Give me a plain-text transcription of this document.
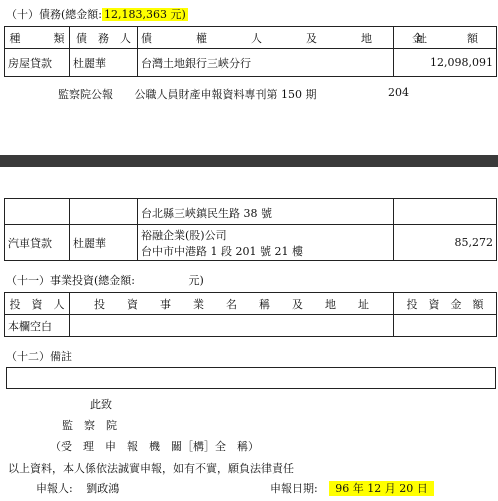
（十）債務(總金額: 12,183,363 元)
種　　　類	債　務　人	債　　　　權　　　　人　　　　及　　　　地　　　　址	金　　　　額

房屋貸款	杜麗華	台灣土地銀行三峽分行	12,098,091
監察院公報 公職人員財產申報資料專刊第 150 期	204
		台北縣三峽鎮民生路 38 號	
汽車貸款	杜麗華	裕融企業(股)公司
台中市中港路 1 段 201 號 21 樓	85,272
（十一）事業投資(總金額:	元)
投　資　人	投　　資　　事　　業　　名　　稱　　及　　地　　址	投　資　金　額

本欄空白		
（十二）備註
此致
監　察　院
（受　理　申　報　機　關［構］全　稱）
以上資料，本人係依法誠實申報，如有不實，願負法律責任
申報人: 劉政鴻	申報日期: 96 年 12 月 20 日
